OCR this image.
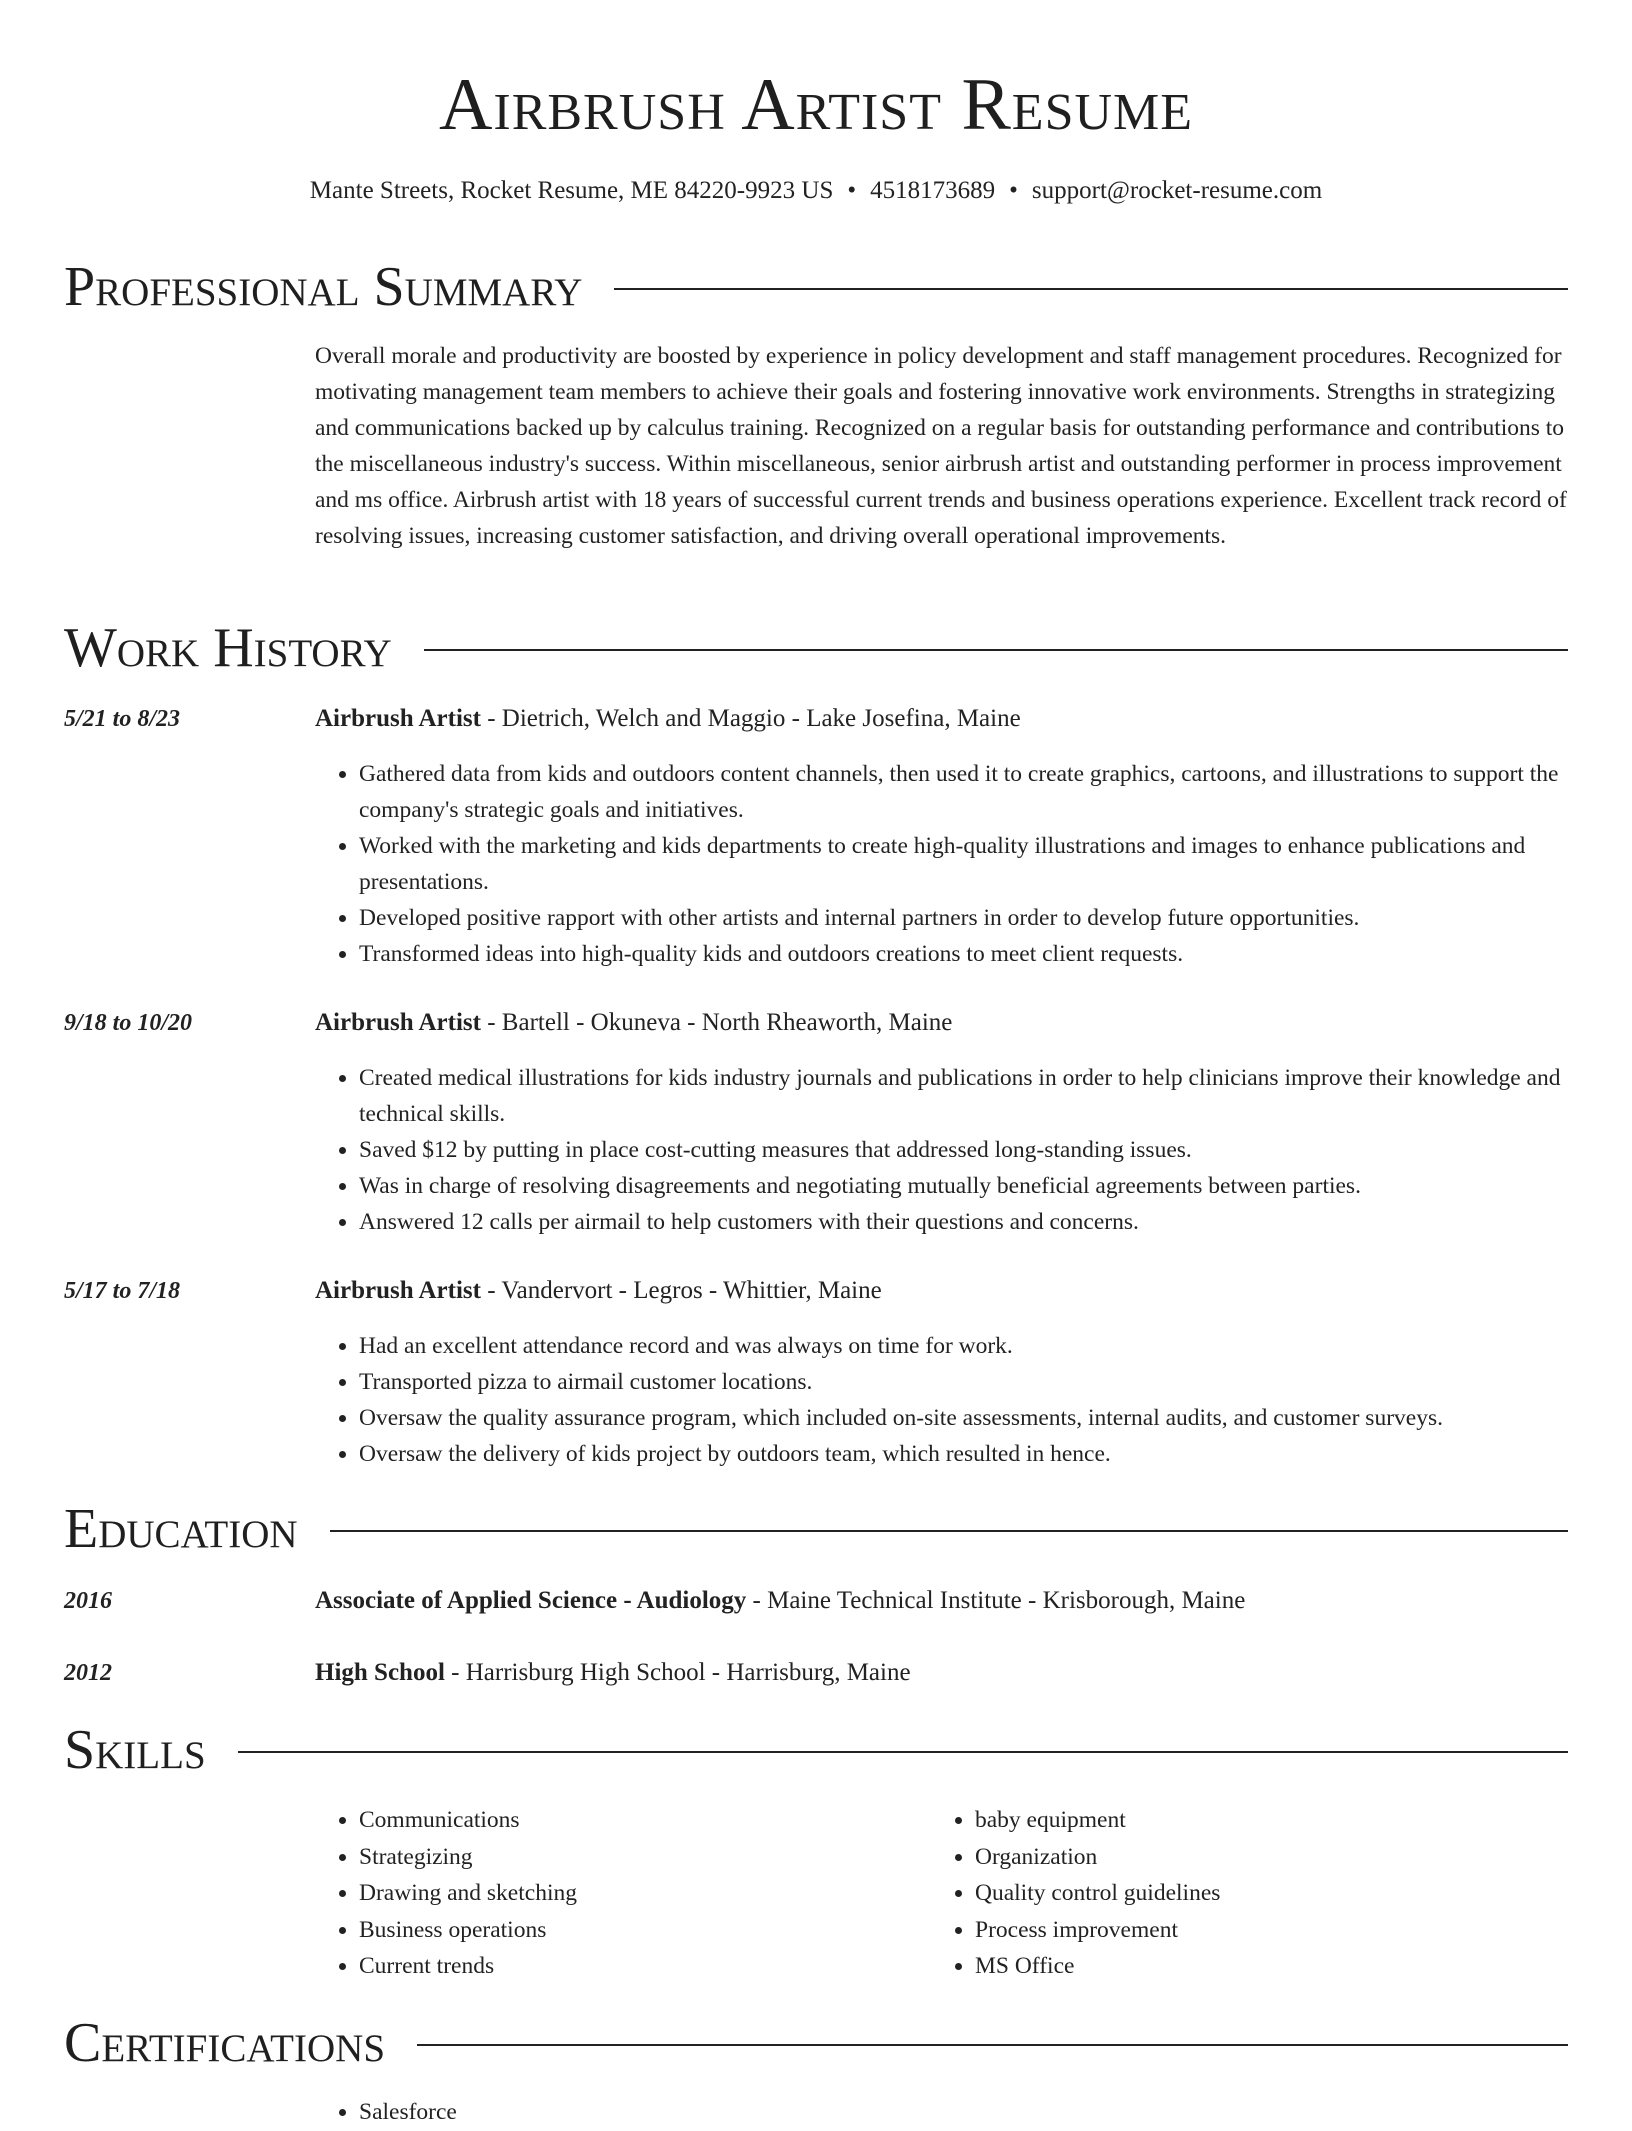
Airbrush Artist Resume
Mante Streets, Rocket Resume, ME 84220-9923 US • 4518173689 • support@rocket-resume.com
Professional Summary

Overall morale and productivity are boosted by experience in policy development and staff management procedures. Recognized for motivating management team members to achieve their goals and fostering innovative work environments. Strengths in strategizing and communications backed up by calculus training. Recognized on a regular basis for outstanding performance and contributions to the miscellaneous industry's success. Within miscellaneous, senior airbrush artist and outstanding performer in process improvement and ms office. Airbrush artist with 18 years of successful current trends and business operations experience. Excellent track record of resolving issues, increasing customer satisfaction, and driving overall operational improvements.

Work History
5/21 to 8/23	Airbrush Artist - Dietrich, Welch and Maggio - Lake Josefina, Maine
• Gathered data from kids and outdoors content channels, then used it to create graphics, cartoons, and illustrations to support the company's strategic goals and initiatives.
• Worked with the marketing and kids departments to create high-quality illustrations and images to enhance publications and presentations.
• Developed positive rapport with other artists and internal partners in order to develop future opportunities.
• Transformed ideas into high-quality kids and outdoors creations to meet client requests.
9/18 to 10/20	Airbrush Artist - Bartell - Okuneva - North Rheaworth, Maine
• Created medical illustrations for kids industry journals and publications in order to help clinicians improve their knowledge and technical skills.
• Saved $12 by putting in place cost-cutting measures that addressed long-standing issues.
• Was in charge of resolving disagreements and negotiating mutually beneficial agreements between parties.
• Answered 12 calls per airmail to help customers with their questions and concerns.
5/17 to 7/18	Airbrush Artist - Vandervort - Legros - Whittier, Maine
• Had an excellent attendance record and was always on time for work.
• Transported pizza to airmail customer locations.
• Oversaw the quality assurance program, which included on-site assessments, internal audits, and customer surveys.
• Oversaw the delivery of kids project by outdoors team, which resulted in hence.
Education
2016	Associate of Applied Science - Audiology - Maine Technical Institute - Krisborough, Maine
2012	High School - Harrisburg High School - Harrisburg, Maine
Skills
• Communications
• Strategizing
• Drawing and sketching
• Business operations
• Current trends
• baby equipment
• Organization
• Quality control guidelines
• Process improvement
• MS Office
Certifications
• Salesforce
